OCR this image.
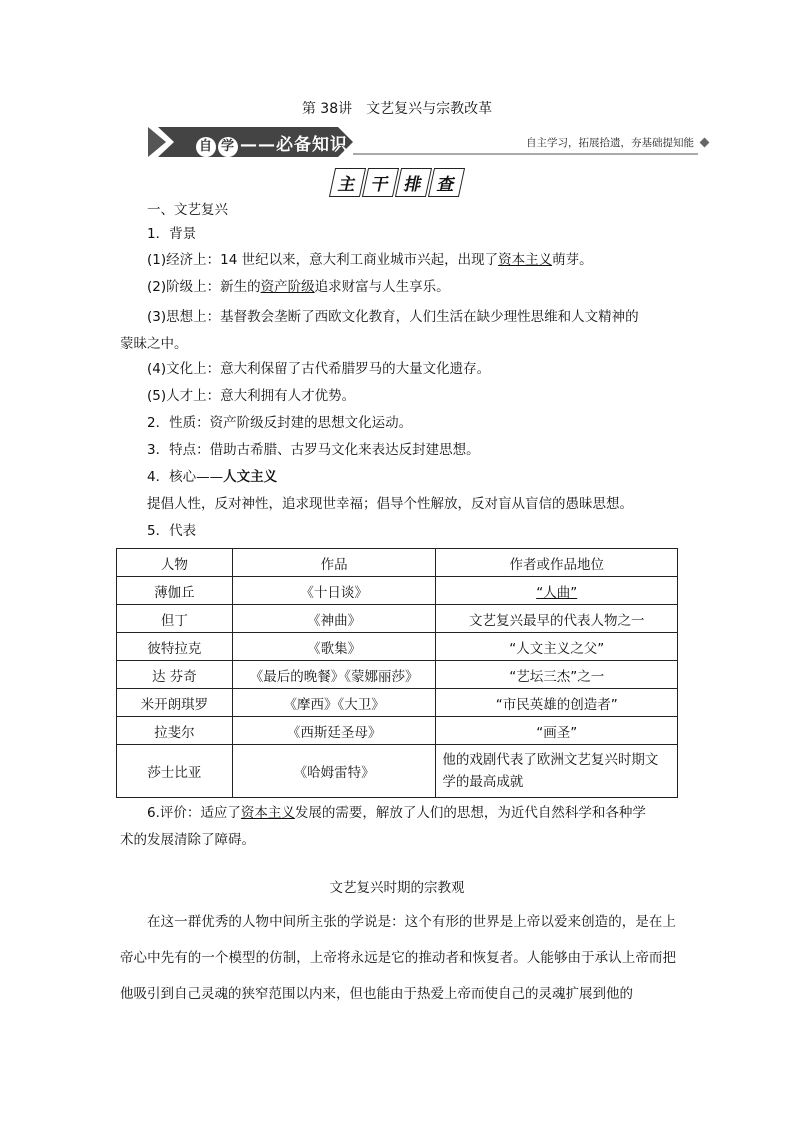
第 38讲　文艺复兴与宗教改革
自 学 ——必备知识	自主学习，拓展拾遗，夯基础提知能
主 干 排 查
一、文艺复兴
1．背景
(1)经济上：14 世纪以来，意大利工商业城市兴起，出现了资本主义萌芽。
(2)阶级上：新生的资产阶级追求财富与人生享乐。
(3)思想上：基督教会垄断了西欧文化教育，人们生活在缺少理性思维和人文精神的蒙昧之中。
(4)文化上：意大利保留了古代希腊罗马的大量文化遗存。
(5)人才上：意大利拥有人才优势。
2．性质：资产阶级反封建的思想文化运动。
3．特点：借助古希腊、古罗马文化来表达反封建思想。
4．核心——人文主义
提倡人性，反对神性，追求现世幸福；倡导个性解放，反对盲从盲信的愚昧思想。
5．代表
人物	作品	作者或作品地位
薄伽丘	《十日谈》	“人曲”
但丁	《神曲》	文艺复兴最早的代表人物之一
彼特拉克	《歌集》	“人文主义之父”
达 芬奇	《最后的晚餐》《蒙娜丽莎》	“艺坛三杰”之一
米开朗琪罗	《摩西》《大卫》	“市民英雄的创造者”
拉斐尔	《西斯廷圣母》	“画圣”
莎士比亚	《哈姆雷特》	他的戏剧代表了欧洲文艺复兴时期文学的最高成就
6.评价：适应了资本主义发展的需要，解放了人们的思想，为近代自然科学和各种学术的发展清除了障碍。
文艺复兴时期的宗教观
在这一群优秀的人物中间所主张的学说是：这个有形的世界是上帝以爱来创造的，是在上帝心中先有的一个模型的仿制，上帝将永远是它的推动者和恢复者。人能够由于承认上帝而把他吸引到自己灵魂的狭窄范围以内来，但也能由于热爱上帝而使自己的灵魂扩展到他的
